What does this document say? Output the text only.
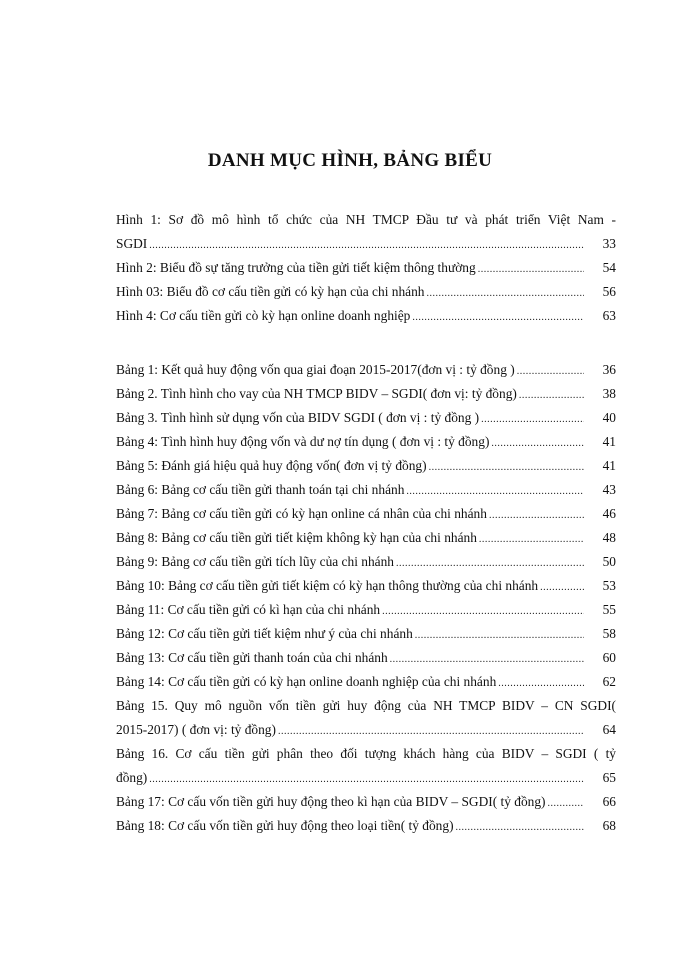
DANH MỤC HÌNH, BẢNG BIỂU
Hình 1: Sơ đồ mô hình tổ chức của NH TMCP Đầu tư và phát triển Việt Nam -
SGDI .....	33
Hình 2: Biểu đồ sự tăng trưởng của tiền gửi tiết kiệm thông thường .....	54
Hình 03: Biểu đồ cơ cấu tiền gửi có kỳ hạn của chi nhánh .....	56
Hình 4: Cơ cấu tiền gửi cò kỳ hạn online doanh nghiệp .....	63
Bảng 1: Kết quả huy động vốn qua giai đoạn 2015-2017(đơn vị : tỷ đồng ) .....	36
Bảng 2. Tình hình cho vay của NH TMCP BIDV – SGDI( đơn vị: tỷ đồng) .....	38
Bảng 3. Tình hình sử dụng vốn của BIDV SGDI ( đơn vị : tỷ đồng ) .....	40
Bảng 4: Tình hình huy động vốn và dư nợ tín dụng ( đơn vị : tỷ đồng) .....	41
Bảng 5: Đánh giá hiệu quả huy động vốn( đơn vị tỷ đồng) .....	41
Bảng 6: Bảng cơ cấu tiền gửi thanh toán tại chi nhánh .....	43
Bảng 7: Bảng cơ cấu tiền gửi có kỳ hạn online cá nhân của chi nhánh .....	46
Bảng 8: Bảng cơ cấu tiền gửi tiết kiệm không kỳ hạn của chi nhánh .....	48
Bảng 9: Bảng cơ cấu tiền gửi tích lũy của chi nhánh .....	50
Bảng 10: Bảng cơ cấu tiền gửi tiết kiệm có kỳ hạn thông thường của chi nhánh .....	53
Bảng 11: Cơ cấu tiền gửi có kì hạn của chi nhánh .....	55
Bảng 12: Cơ cấu tiền gửi tiết kiệm như ý của chi nhánh .....	58
Bảng 13: Cơ cấu tiền gửi thanh toán của chi nhánh .....	60
Bảng 14: Cơ cấu tiền gửi có kỳ hạn online doanh nghiệp của chi nhánh .....	62
Bảng 15. Quy mô nguồn vốn tiền gửi huy động của NH TMCP BIDV – CN SGDI(
2015-2017) ( đơn vị: tỷ đồng) .....	64
Bảng 16. Cơ cấu tiền gửi phân theo đối tượng khách hàng của BIDV – SGDI ( tỷ
đồng) .....	65
Bảng 17: Cơ cấu vốn tiền gửi huy động theo kì hạn của BIDV – SGDI( tỷ đồng) .....	66
Bảng 18: Cơ cấu vốn tiền gửi huy động theo loại tiền( tỷ đồng) .....	68
